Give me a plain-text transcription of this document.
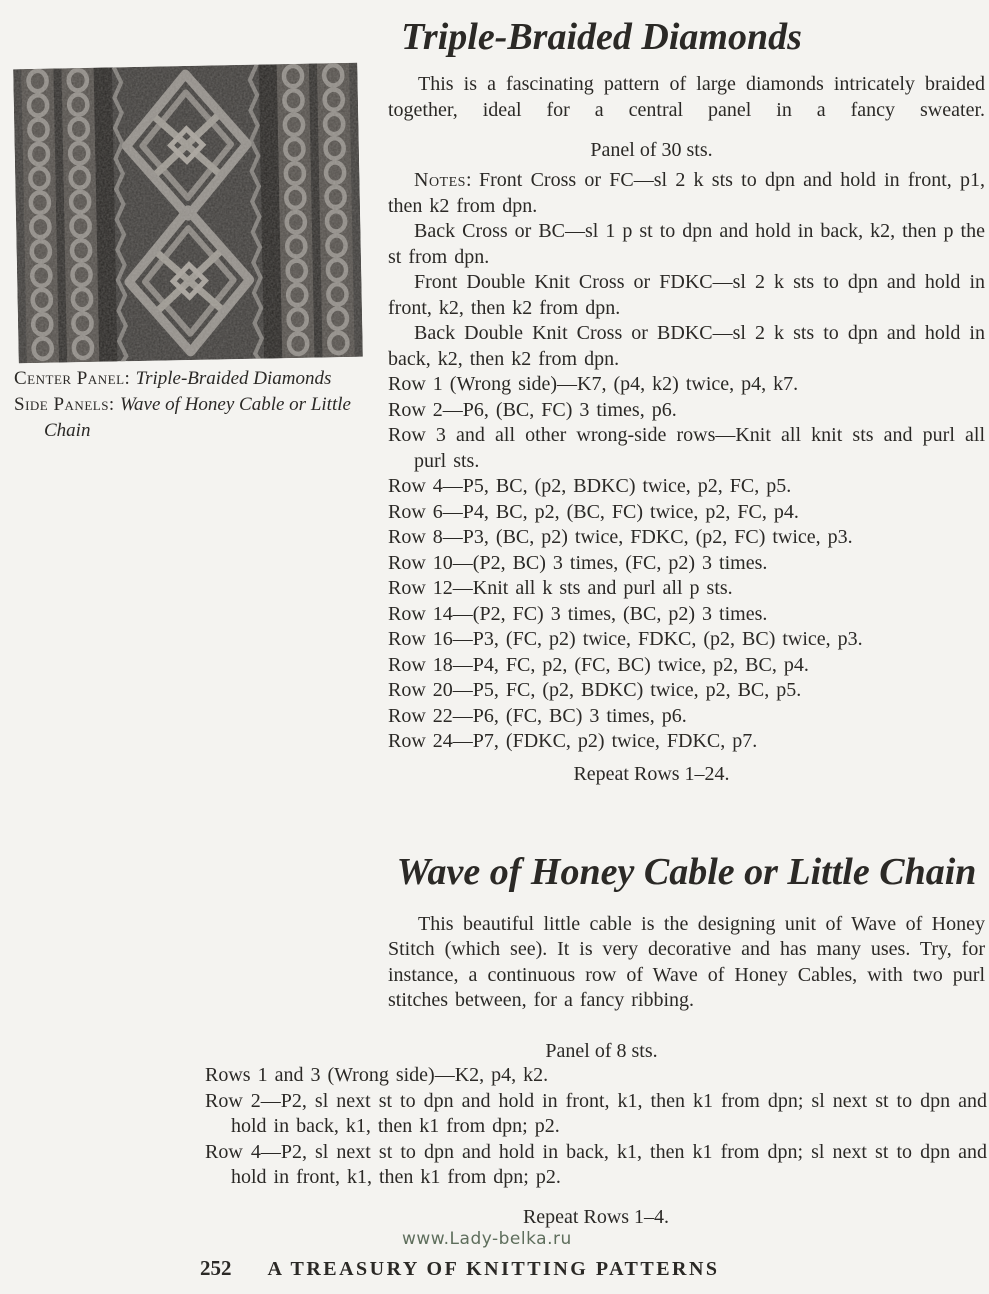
Center Panel: Triple-Braided Diamonds

Side Panels: Wave of Honey Cable or Little Chain

Triple-Braided Diamonds

This is a fascinating pattern of large diamonds intricately braided together, ideal for a central panel in a fancy sweater.

Panel of 30 sts.

Notes: Front Cross or FC—sl 2 k sts to dpn and hold in front, p1, then k2 from dpn.

Back Cross or BC—sl 1 p st to dpn and hold in back, k2, then p the st from dpn.

Front Double Knit Cross or FDKC—sl 2 k sts to dpn and hold in front, k2, then k2 from dpn.

Back Double Knit Cross or BDKC—sl 2 k sts to dpn and hold in back, k2, then k2 from dpn.

Row 1 (Wrong side)—K7, (p4, k2) twice, p4, k7.

Row 2—P6, (BC, FC) 3 times, p6.

Row 3 and all other wrong-side rows—Knit all knit sts and purl all purl sts.

Row 4—P5, BC, (p2, BDKC) twice, p2, FC, p5.

Row 6—P4, BC, p2, (BC, FC) twice, p2, FC, p4.

Row 8—P3, (BC, p2) twice, FDKC, (p2, FC) twice, p3.

Row 10—(P2, BC) 3 times, (FC, p2) 3 times.

Row 12—Knit all k sts and purl all p sts.

Row 14—(P2, FC) 3 times, (BC, p2) 3 times.

Row 16—P3, (FC, p2) twice, FDKC, (p2, BC) twice, p3.

Row 18—P4, FC, p2, (FC, BC) twice, p2, BC, p4.

Row 20—P5, FC, (p2, BDKC) twice, p2, BC, p5.

Row 22—P6, (FC, BC) 3 times, p6.

Row 24—P7, (FDKC, p2) twice, FDKC, p7.

Repeat Rows 1–24.

Wave of Honey Cable or Little Chain

This beautiful little cable is the designing unit of Wave of Honey Stitch (which see). It is very decorative and has many uses. Try, for instance, a continuous row of Wave of Honey Cables, with two purl stitches between, for a fancy ribbing.

Panel of 8 sts.

Rows 1 and 3 (Wrong side)—K2, p4, k2.

Row 2—P2, sl next st to dpn and hold in front, k1, then k1 from dpn; sl next st to dpn and hold in back, k1, then k1 from dpn; p2.

Row 4—P2, sl next st to dpn and hold in back, k1, then k1 from dpn; sl next st to dpn and hold in front, k1, then k1 from dpn; p2.

Repeat Rows 1–4.

www.Lady-belka.ru
252 A TREASURY OF KNITTING PATTERNS
